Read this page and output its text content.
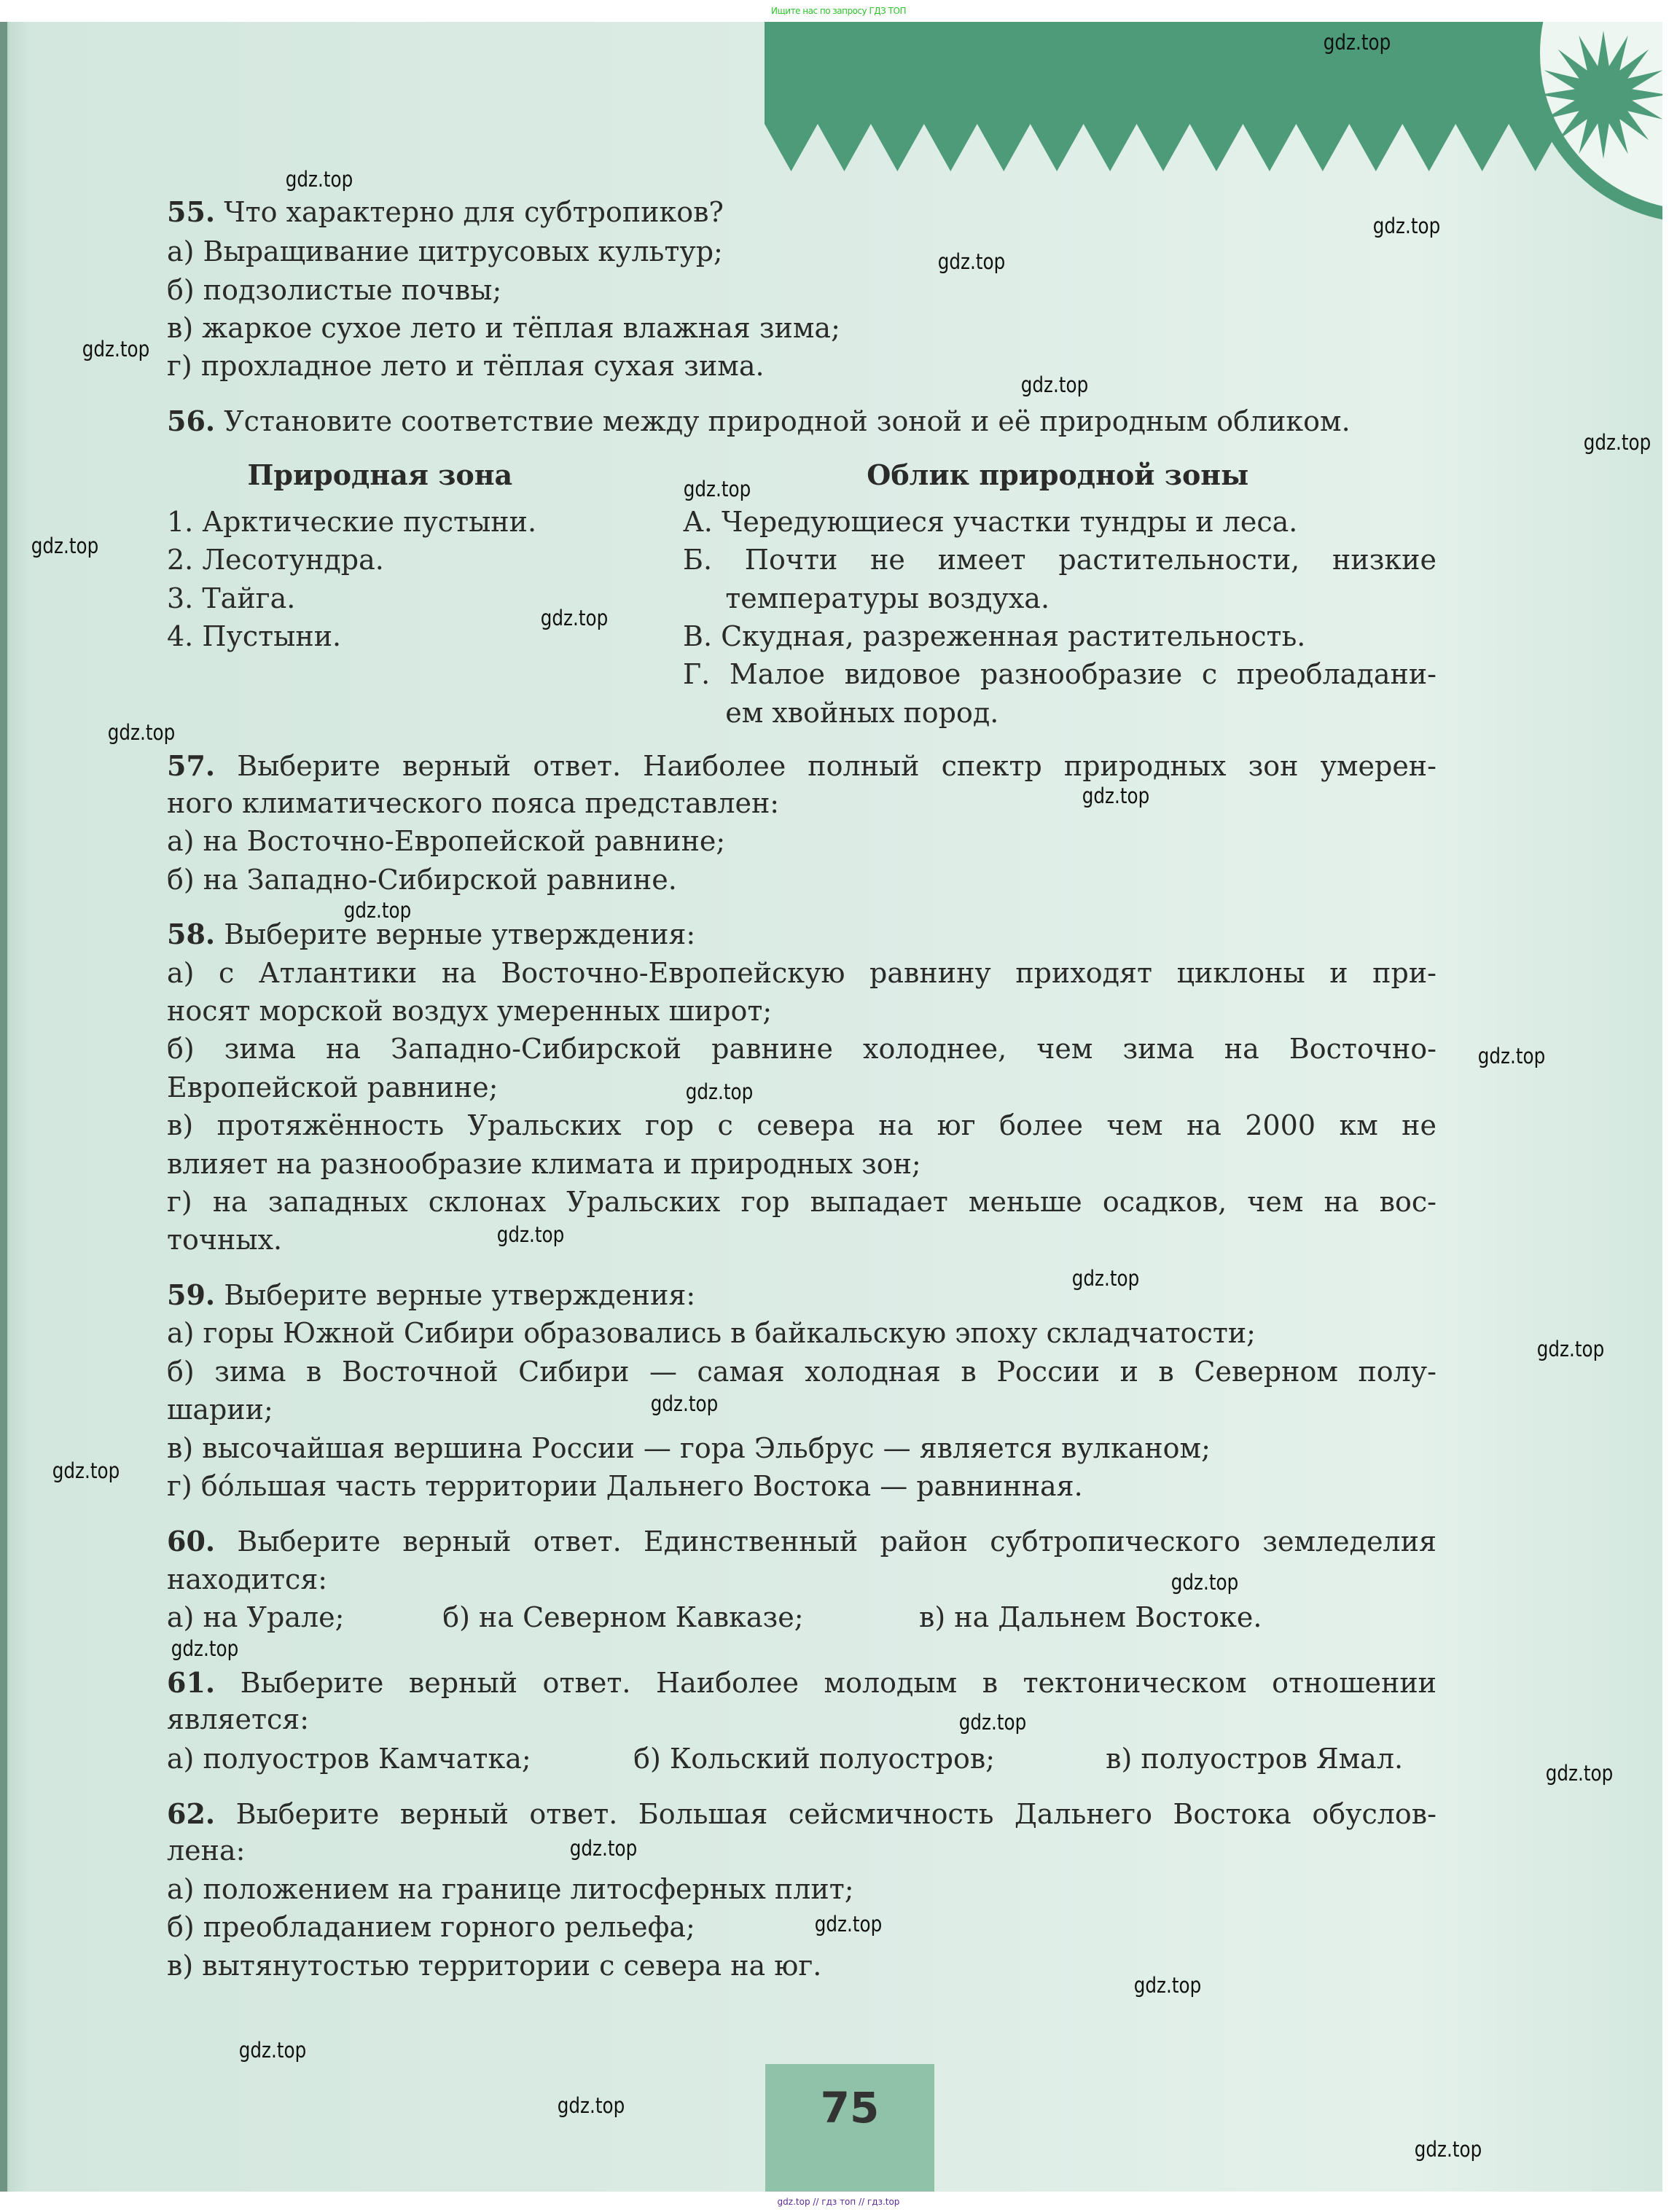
Ищите нас по запросу ГДЗ ТОП
55. Что характерно для субтропиков?
а) Выращивание цитрусовых культур;
б) подзолистые почвы;
в) жаркое сухое лето и тёплая влажная зима;
г) прохладное лето и тёплая сухая зима.
56. Установите соответствие между природной зоной и её природным обликом.
Природная зона	Облик природной зоны
1. Арктические пустыни.
2. Лесотундра.
3. Тайга.
4. Пустыни.
А. Чередующиеся участки тундры и леса.
Б. Почти не имеет растительности, низкие
температуры воздуха.
В. Скудная, разреженная растительность.
Г. Малое видовое разнообразие с преобладани-
ем хвойных пород.
57. Выберите верный ответ. Наиболее полный спектр природных зон умерен-
ного климатического пояса представлен:
а) на Восточно-Европейской равнине;
б) на Западно-Сибирской равнине.
58. Выберите верные утверждения:
а) с Атлантики на Восточно-Европейскую равнину приходят циклоны и при-
носят морской воздух умеренных широт;
б) зима на Западно-Сибирской равнине холоднее, чем зима на Восточно-
Европейской равнине;
в) протяжённость Уральских гор с севера на юг более чем на 2000 км не
влияет на разнообразие климата и природных зон;
г) на западных склонах Уральских гор выпадает меньше осадков, чем на вос-
точных.
59. Выберите верные утверждения:
а) горы Южной Сибири образовались в байкальскую эпоху складчатости;
б) зима в Восточной Сибири — самая холодная в России и в Северном полу-
шарии;
в) высочайшая вершина России — гора Эльбрус — является вулканом;
г) бóльшая часть территории Дальнего Востока — равнинная.
60. Выберите верный ответ. Единственный район субтропического земледелия
находится:
а) на Урале;	б) на Северном Кавказе;	в) на Дальнем Востоке.
61. Выберите верный ответ. Наиболее молодым в тектоническом отношении
является:
а) полуостров Камчатка;	б) Кольский полуостров;	в) полуостров Ямал.
62. Выберите верный ответ. Большая сейсмичность Дальнего Востока обуслов-
лена:
а) положением на границе литосферных плит;
б) преобладанием горного рельефа;
в) вытянутостью территории с севера на юг.
gdz.top
gdz.top
gdz.top
gdz.top
gdz.top
gdz.top
gdz.top
gdz.top
gdz.top
gdz.top
gdz.top
gdz.top
gdz.top
gdz.top
gdz.top
gdz.top
gdz.top
gdz.top
gdz.top
gdz.top
gdz.top
gdz.top
gdz.top
gdz.top
gdz.top
gdz.top
gdz.top
gdz.top
gdz.top
gdz.top
75
gdz.top // гдз топ // гдз.top
